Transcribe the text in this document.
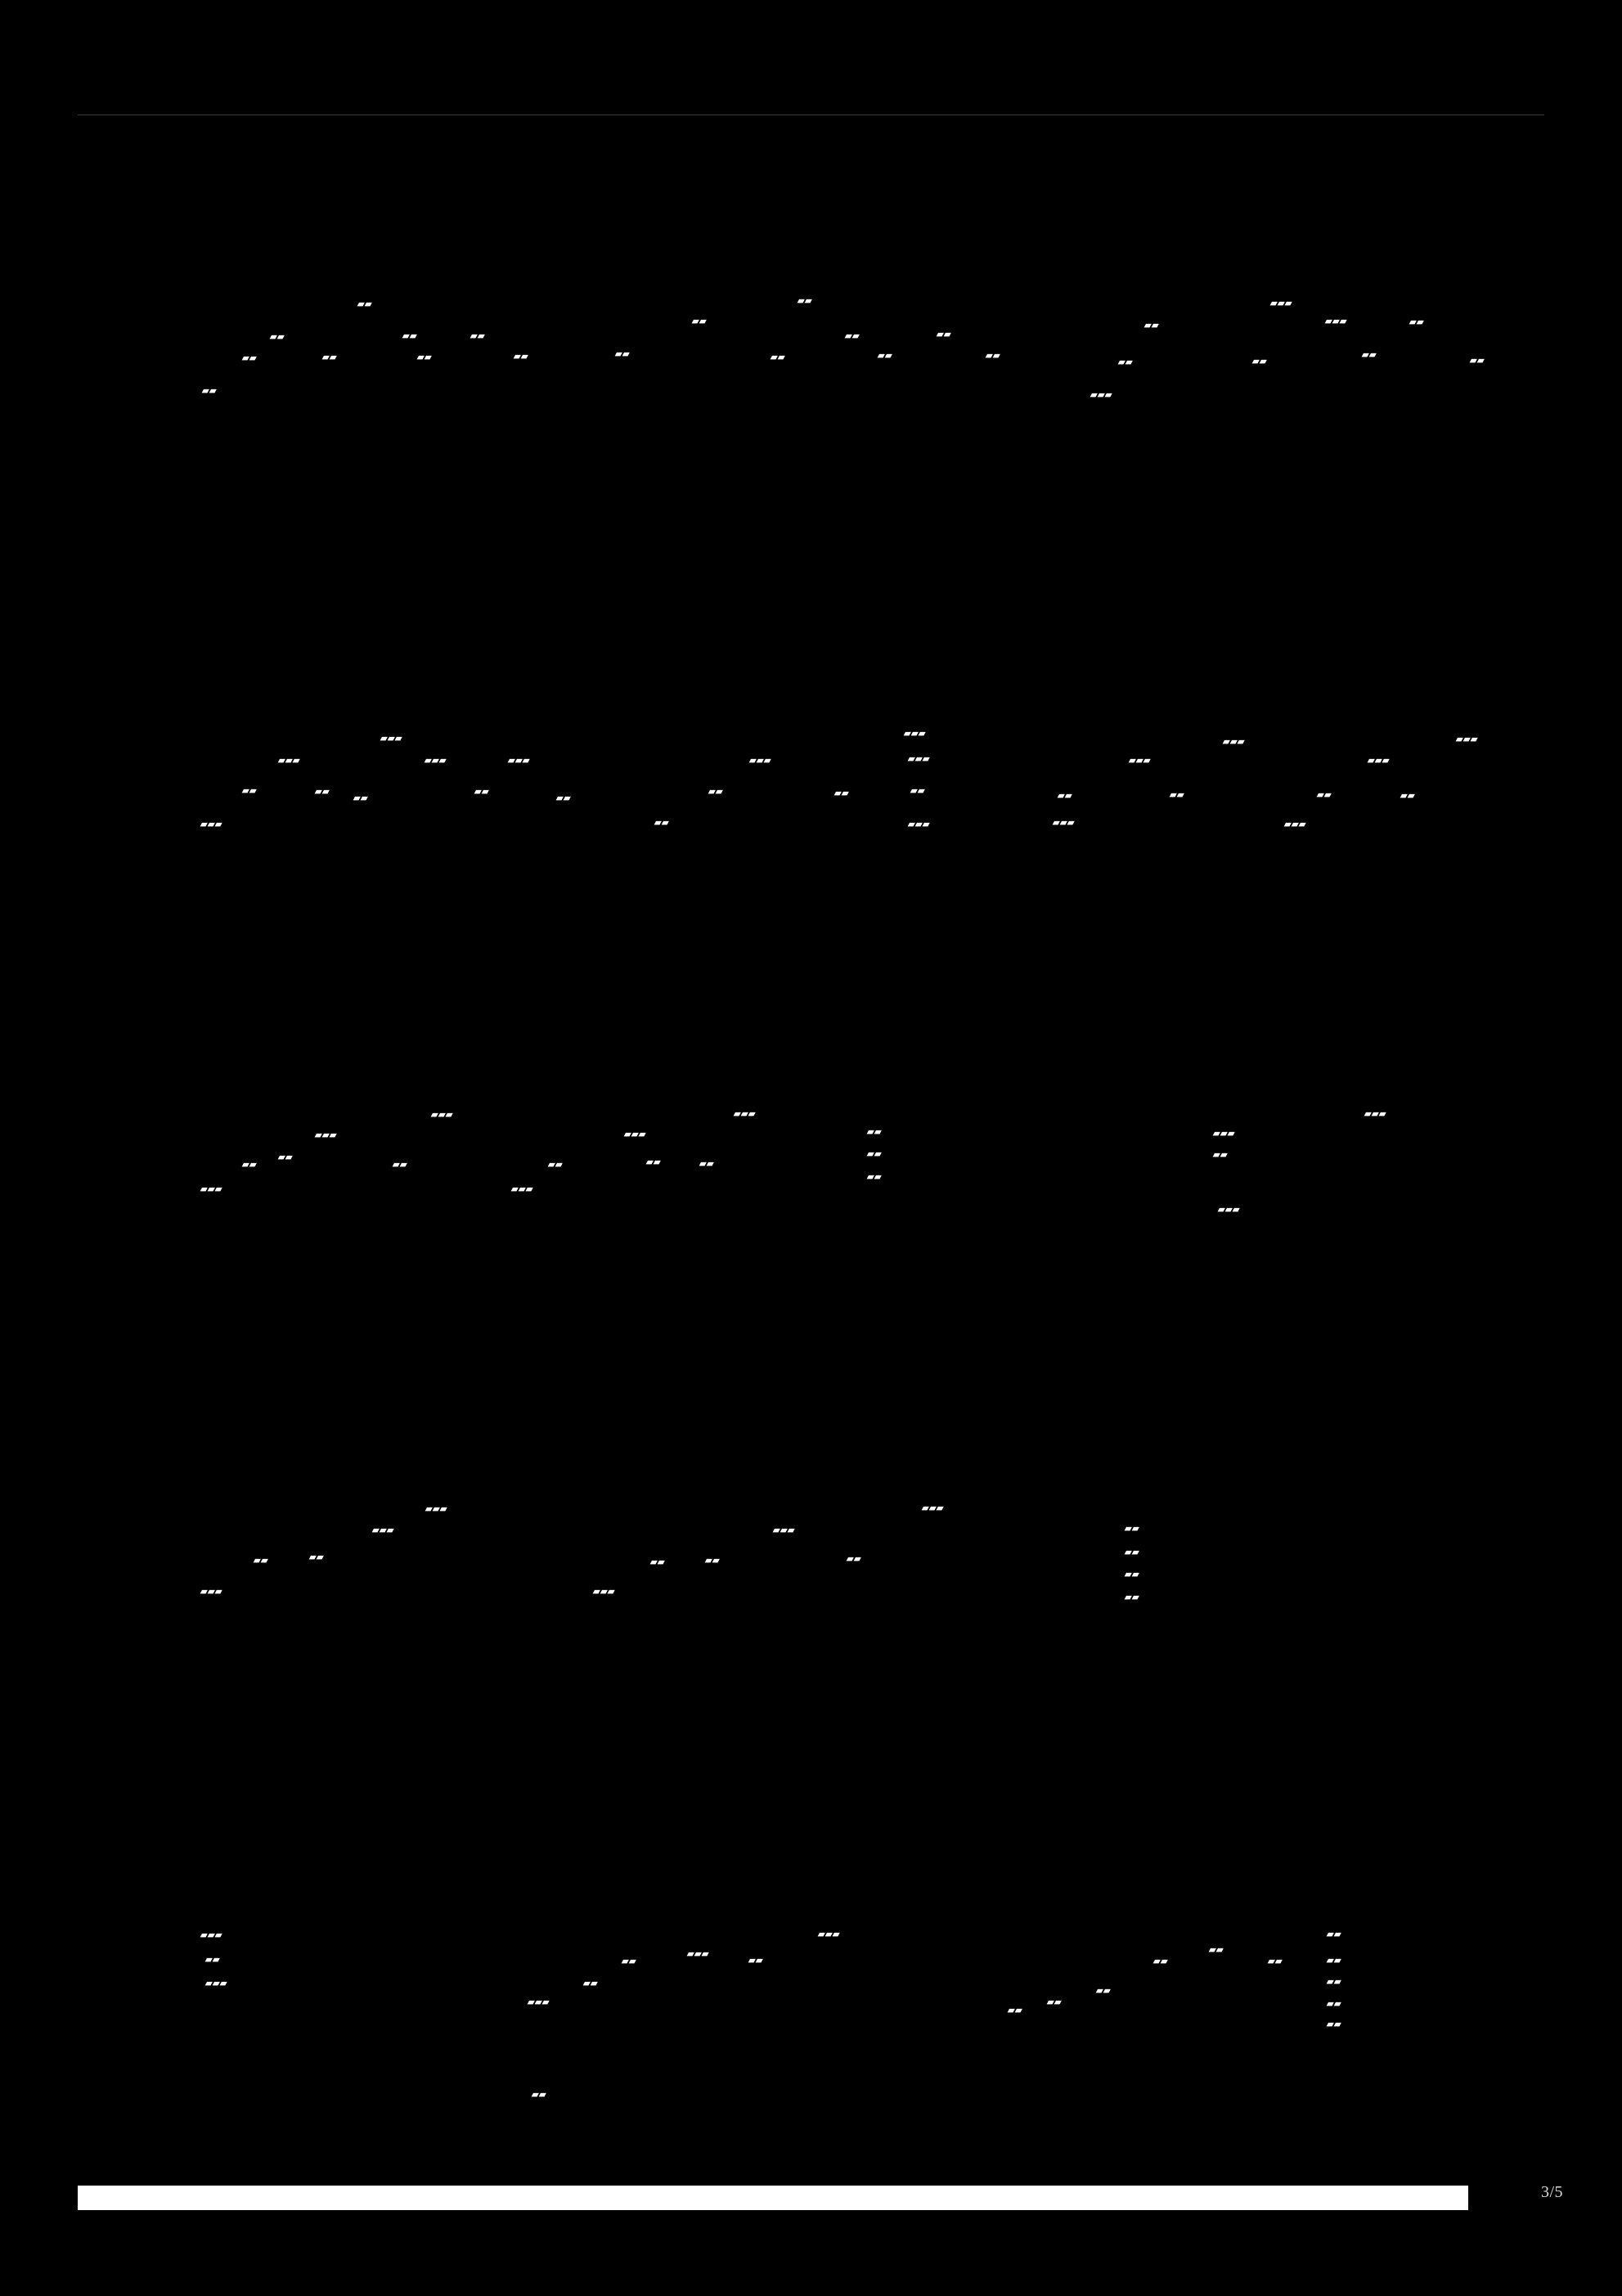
▰▰	▰▰	▰▰▰
▰▰	▰▰	▰▰
▰▰
▰▰	▰▰
▰▰	▰▰▰	▰▰
▰▰	▰▰	▰▰	▰▰	▰▰	▰▰	▰▰	▰▰
▰▰	▰▰
▰▰
▰▰
▰▰	▰▰▰
▰▰▰
▰▰▰
▰▰▰	▰▰▰	▰▰▰
▰▰▰
▰▰▰	▰▰▰
▰▰▰
▰▰▰
▰▰▰
▰▰	▰▰
▰▰
▰▰
▰▰
▰▰	▰▰	▰▰	▰▰	▰▰	▰▰	▰▰
▰▰▰	▰▰	▰▰▰	▰▰▰	▰▰▰
▰▰▰
▰▰▰
▰▰▰
▰▰▰
▰▰	▰▰▰
▰▰▰
▰▰
▰▰
▰▰	▰▰	▰▰	▰▰
▰▰	▰▰
▰▰▰	▰▰▰
▰▰
▰▰▰
▰▰▰
▰▰▰
▰▰▰
▰▰▰
▰▰
▰▰	▰▰	▰▰	▰▰	▰▰
▰▰
▰▰▰	▰▰▰
▰▰
▰▰
▰▰▰	▰▰▰	▰▰
▰▰
▰▰▰
▰▰	▰▰
▰▰
▰▰	▰▰	▰▰
▰▰▰
▰▰▰
▰▰
▰▰
▰▰
▰▰
▰▰	▰▰
▰▰
▰▰
3/5
